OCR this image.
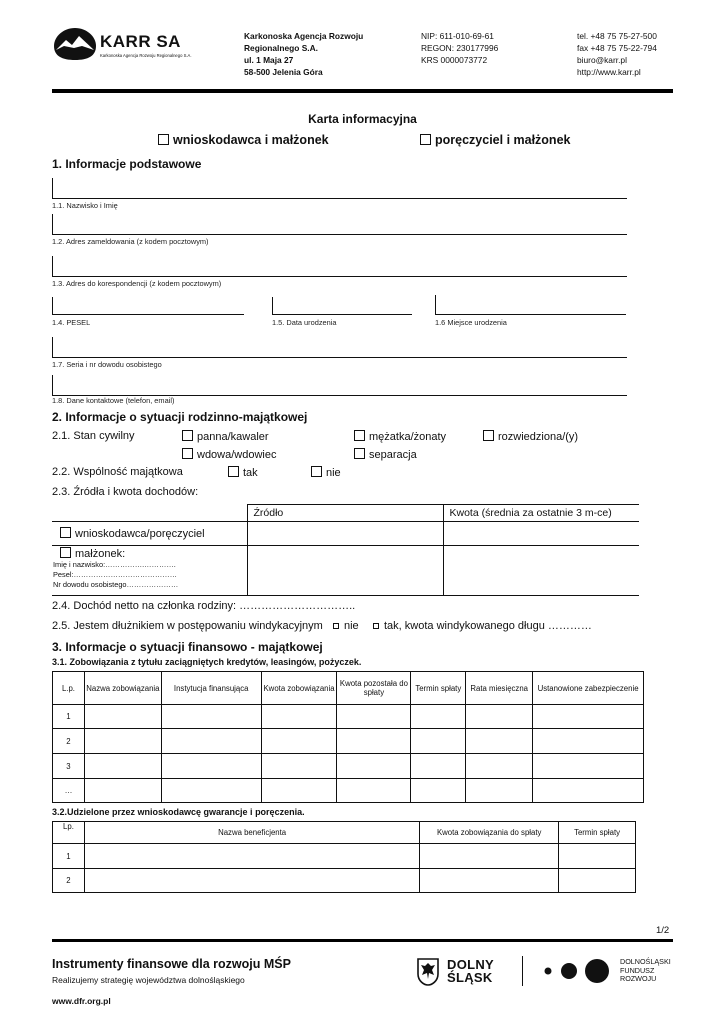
KARR SA
Karkonoska Agencja Rozwoju Regionalnego S.A.
Karkonoska Agencja Rozwoju
Regionalnego S.A.
ul. 1 Maja 27
58-500 Jelenia Góra
NIP: 611-010-69-61
REGON: 230177996
KRS 0000073772
tel. +48 75 75-27-500
fax +48 75 75-22-794
biuro@karr.pl
http://www.karr.pl
Karta informacyjna
wnioskodawca i małżonek	poręczyciel i małżonek
1. Informacje podstawowe
1.1. Nazwisko i Imię
1.2. Adres zameldowania (z kodem pocztowym)
1.3. Adres do korespondencji (z kodem pocztowym)
1.4. PESEL	1.5. Data urodzenia	1.6 Miejsce urodzenia
1.7. Seria i nr dowodu osobistego
1.8. Dane kontaktowe (telefon, email)
2. Informacje o sytuacji rodzinno-majątkowej
2.1. Stan cywilny	panna/kawaler	mężatka/żonaty	rozwiedziona/(y)
wdowa/wdowiec	separacja
2.2. Wspólność majątkowa	tak	nie
2.3. Źródła i kwota dochodów:
	Źródło	Kwota (średnia za ostatnie 3 m-ce)
wnioskodawca/poręczyciel		

małżonek:
Imię i nazwisko:…………….………….
Pesel:……………………………………
Nr dowodu osobistego…………………		

2.4. Dochód netto na członka rodziny: …………………………..
2.5. Jestem dłużnikiem w postępowaniu windykacyjnym	nie	tak, kwota windykowanego długu …………
3. Informacje o sytuacji finansowo - majątkowej
3.1. Zobowiązania z tytułu zaciągniętych kredytów, leasingów, pożyczek.
L.p.	Nazwa zobowiązania	Instytucja finansująca	Kwota zobowiązania	Kwota pozostała do spłaty	Termin spłaty	Rata miesięczna	Ustanowione zabezpieczenie
1							
2							
3							
…							
3.2.Udzielone przez wnioskodawcę gwarancje i poręczenia.
Lp.	Nazwa beneficjenta	Kwota zobowiązania do spłaty	Termin spłaty
1			
2			
1/2
Instrumenty finansowe dla rozwoju MŚP
Realizujemy strategię województwa dolnośląskiego
www.dfr.org.pl
DOLNY
ŚLĄSK
DOLNOŚLĄSKI
FUNDUSZ
ROZWOJU
